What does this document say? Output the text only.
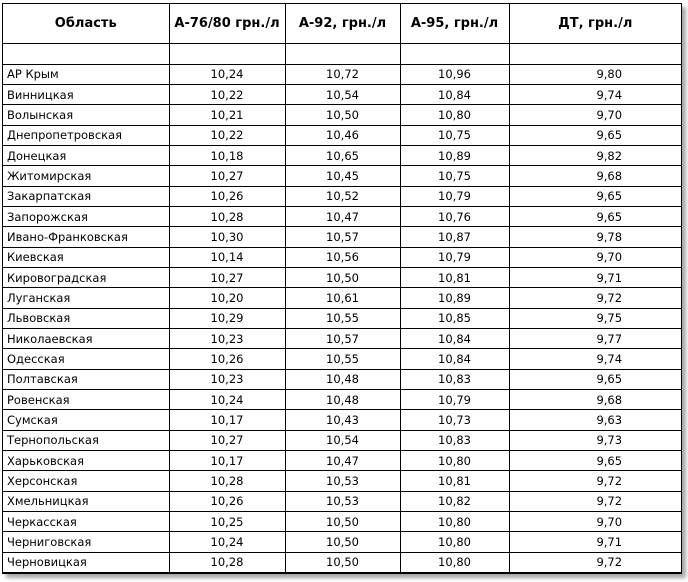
Область	А-76/80 грн./л	А-92, грн./л	А-95, грн./л	ДТ, грн./л

АР Крым	10,24	10,72	10,96	9,80
Винницкая	10,22	10,54	10,84	9,74
Волынская	10,21	10,50	10,80	9,70
Днепропетровская	10,22	10,46	10,75	9,65
Донецкая	10,18	10,65	10,89	9,82
Житомирская	10,27	10,45	10,75	9,68
Закарпатская	10,26	10,52	10,79	9,65
Запорожская	10,28	10,47	10,76	9,65
Ивано-Франковская	10,30	10,57	10,87	9,78
Киевская	10,14	10,56	10,79	9,70
Кировоградская	10,27	10,50	10,81	9,71
Луганская	10,20	10,61	10,89	9,72
Львовская	10,29	10,55	10,85	9,75
Николаевская	10,23	10,57	10,84	9,77
Одесская	10,26	10,55	10,84	9,74
Полтавская	10,23	10,48	10,83	9,65
Ровенская	10,24	10,48	10,79	9,68
Сумская	10,17	10,43	10,73	9,63
Тернопольская	10,27	10,54	10,83	9,73
Харьковская	10,17	10,47	10,80	9,65
Херсонская	10,28	10,53	10,81	9,72
Хмельницкая	10,26	10,53	10,82	9,72
Черкасская	10,25	10,50	10,80	9,70
Черниговская	10,24	10,50	10,80	9,71
Черновицкая	10,28	10,50	10,80	9,72
